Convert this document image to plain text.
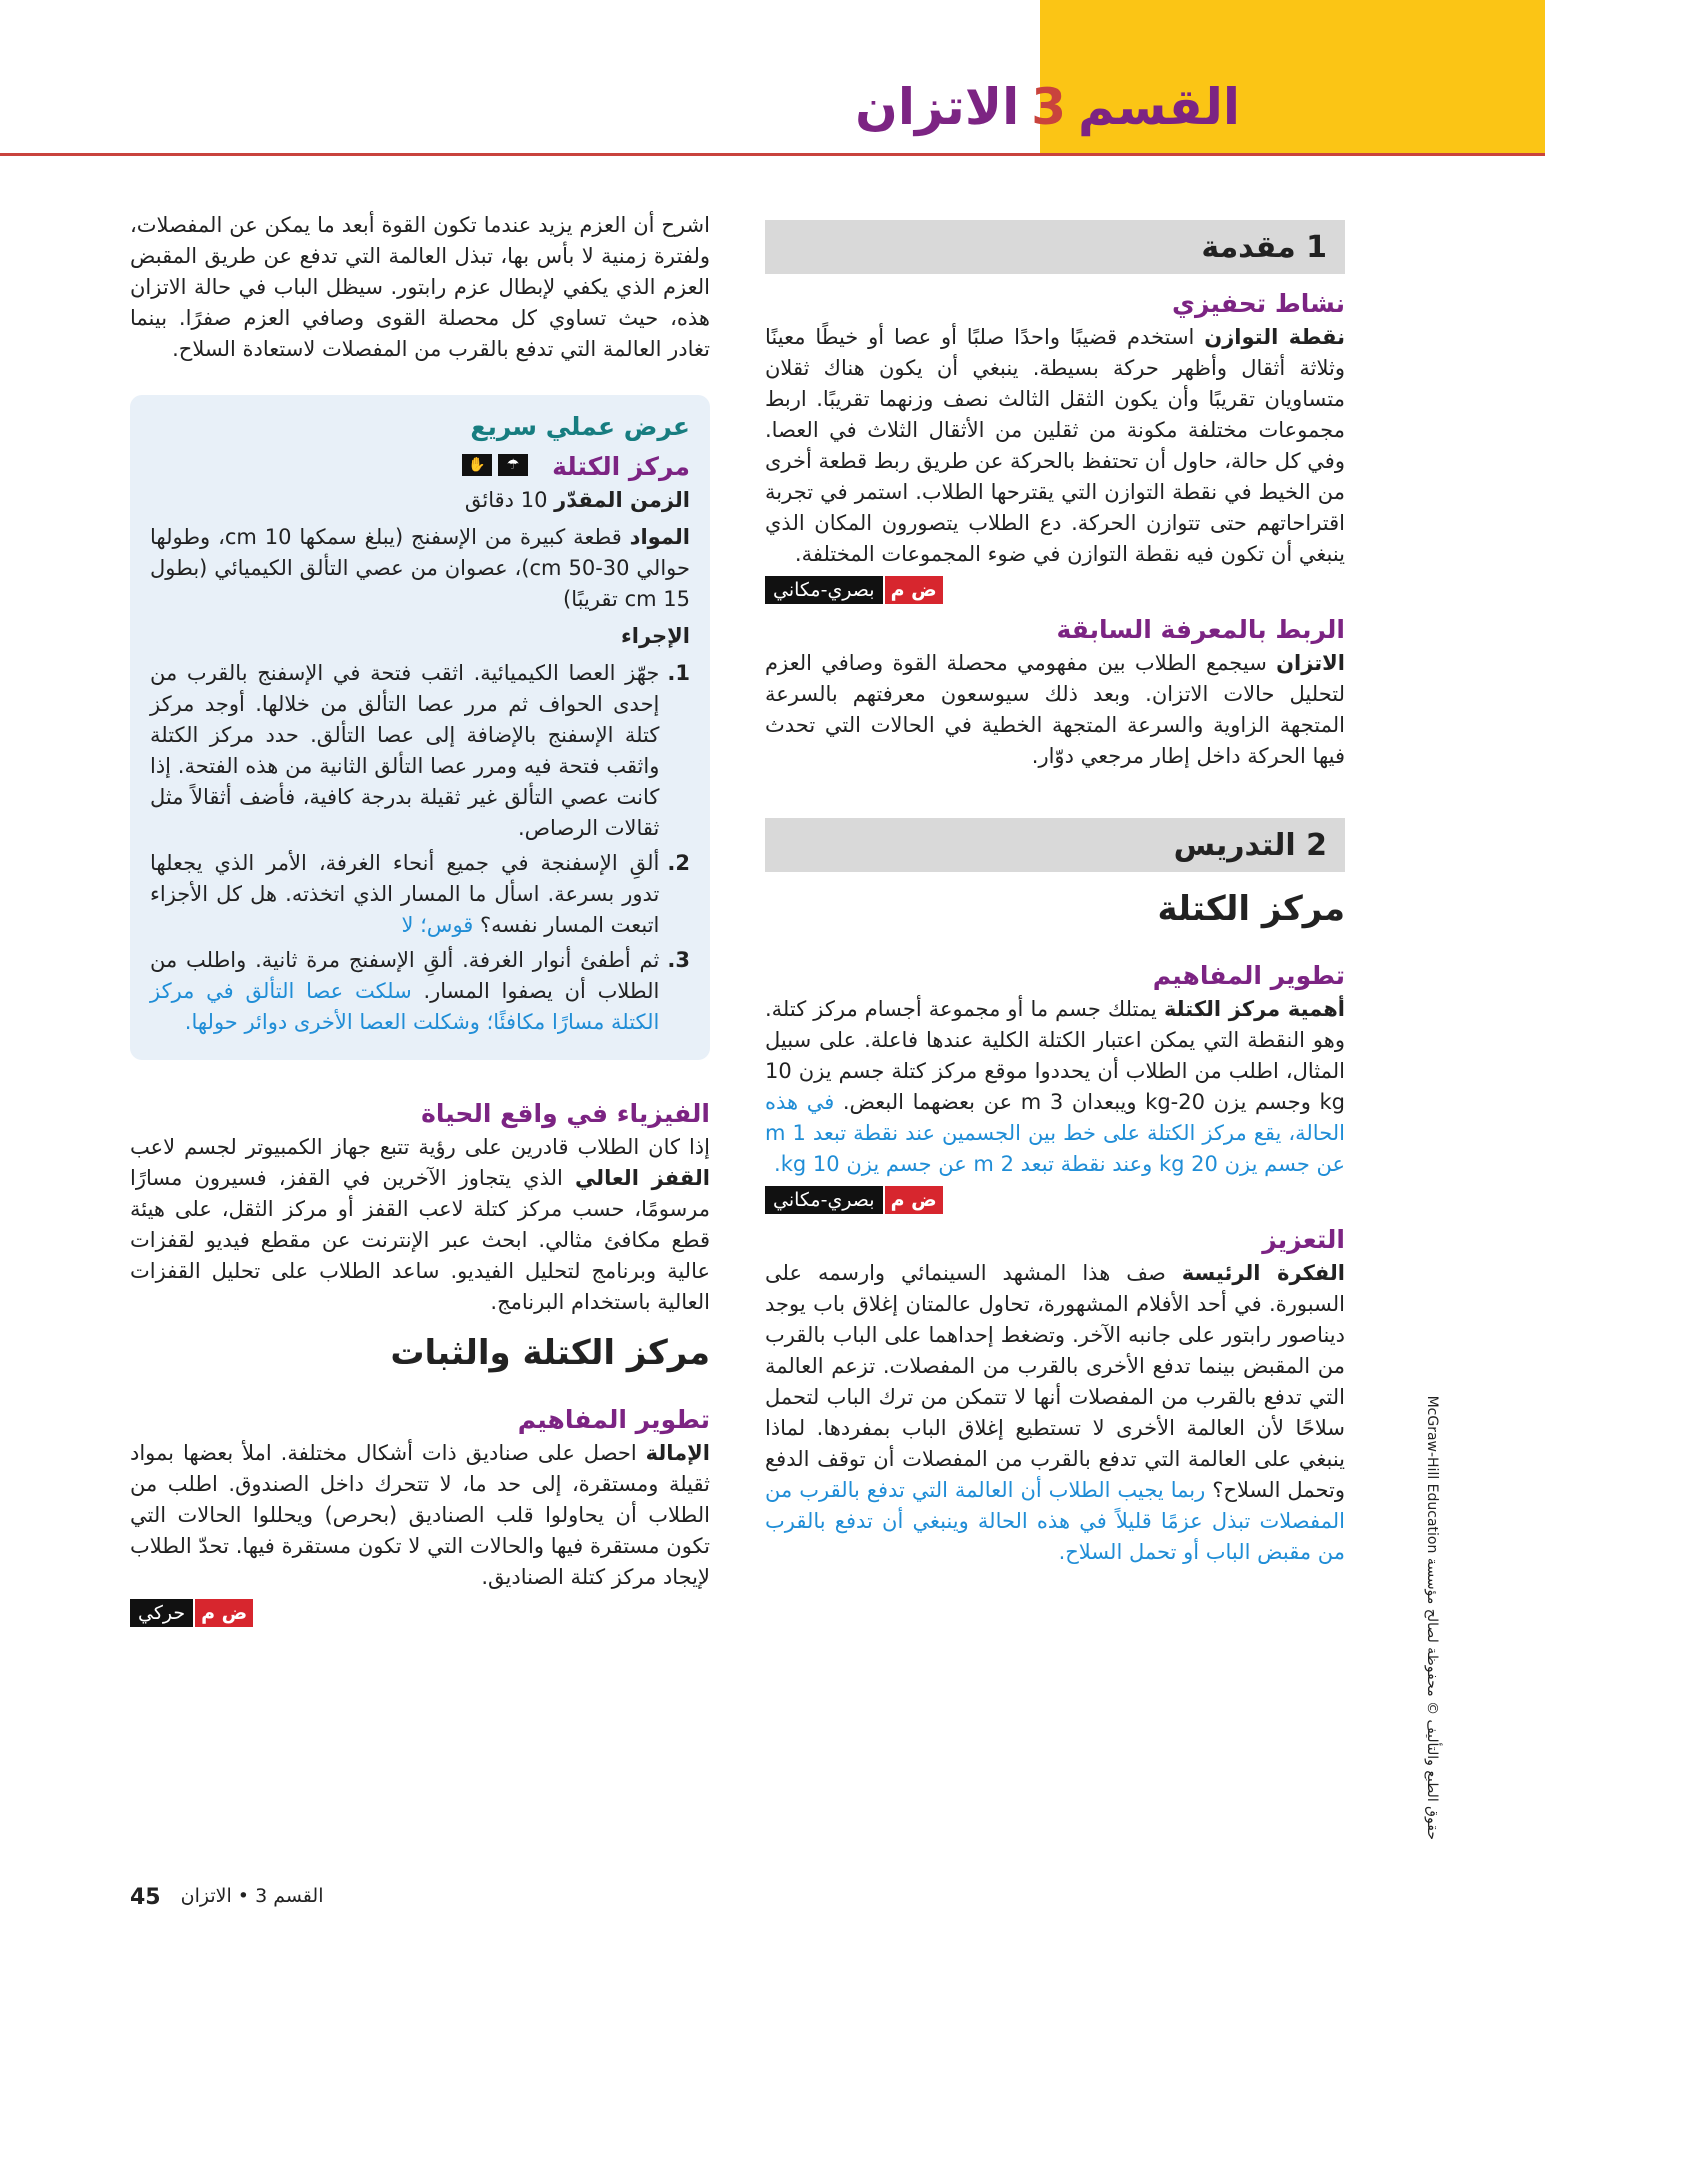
القسم3الاتزان
1 مقدمة
نشاط تحفيزي

نقطة التوازن استخدم قضيبًا واحدًا صلبًا أو عصا أو خيطًا معينًا وثلاثة أثقال وأظهر حركة بسيطة. ينبغي أن يكون هناك ثقلان متساويان تقريبًا وأن يكون الثقل الثالث نصف وزنهما تقريبًا. اربط مجموعات مختلفة مكونة من ثقلين من الأثقال الثلاث في العصا. وفي كل حالة، حاول أن تحتفظ بالحركة عن طريق ربط قطعة أخرى من الخيط في نقطة التوازن التي يقترحها الطلاب. استمر في تجربة اقتراحاتهم حتى تتوازن الحركة. دع الطلاب يتصورون المكان الذي ينبغي أن تكون فيه نقطة التوازن في ضوء المجموعات المختلفة.

ض م
بصري-مكاني
الربط بالمعرفة السابقة

الاتزان سيجمع الطلاب بين مفهومي محصلة القوة وصافي العزم لتحليل حالات الاتزان. وبعد ذلك سيوسعون معرفتهم بالسرعة المتجهة الزاوية والسرعة المتجهة الخطية في الحالات التي تحدث فيها الحركة داخل إطار مرجعي دوّار.

2 التدريس
مركز الكتلة
تطوير المفاهيم

أهمية مركز الكتلة يمتلك جسم ما أو مجموعة أجسام مركز كتلة. وهو النقطة التي يمكن اعتبار الكتلة الكلية عندها فاعلة. على سبيل المثال، اطلب من الطلاب أن يحددوا موقع مركز كتلة جسم يزن 10 kg وجسم يزن 20-kg ويبعدان 3 m عن بعضهما البعض. في هذه الحالة، يقع مركز الكتلة على خط بين الجسمين عند نقطة تبعد 1 m عن جسم يزن 20 kg وعند نقطة تبعد 2 m عن جسم يزن 10 kg.

ض م
بصري-مكاني
التعزيز

الفكرة الرئيسة صف هذا المشهد السينمائي وارسمه على السبورة. في أحد الأفلام المشهورة، تحاول عالمتان إغلاق باب يوجد ديناصور رابتور على جانبه الآخر. وتضغط إحداهما على الباب بالقرب من المقبض بينما تدفع الأخرى بالقرب من المفصلات. تزعم العالمة التي تدفع بالقرب من المفصلات أنها لا تتمكن من ترك الباب لتحمل سلاحًا لأن العالمة الأخرى لا تستطيع إغلاق الباب بمفردها. لماذا ينبغي على العالمة التي تدفع بالقرب من المفصلات أن توقف الدفع وتحمل السلاح؟ ربما يجيب الطلاب أن العالمة التي تدفع بالقرب من المفصلات تبذل عزمًا قليلاً في هذه الحالة وينبغي أن تدفع بالقرب من مقبض الباب أو تحمل السلاح.

اشرح أن العزم يزيد عندما تكون القوة أبعد ما يمكن عن المفصلات، ولفترة زمنية لا بأس بها، تبذل العالمة التي تدفع عن طريق المقبض العزم الذي يكفي لإبطال عزم رابتور. سيظل الباب في حالة الاتزان هذه، حيث تساوي كل محصلة القوى وصافي العزم صفرًا. بينما تغادر العالمة التي تدفع بالقرب من المفصلات لاستعادة السلاح.

عرض عملي سريع
مركز الكتلة
☂
✋

الزمن المقدّر 10 دقائق

المواد قطعة كبيرة من الإسفنج (يبلغ سمكها 10 cm، وطولها حوالي 30-50 cm)، عصوان من عصي التألق الكيميائي (بطول 15 cm تقريبًا)

الإجراء

1.
جهّز العصا الكيميائية. اثقب فتحة في الإسفنج بالقرب من إحدى الحواف ثم مرر عصا التألق من خلالها. أوجد مركز كتلة الإسفنج بالإضافة إلى عصا التألق. حدد مركز الكتلة واثقب فتحة فيه ومرر عصا التألق الثانية من هذه الفتحة. إذا كانت عصي التألق غير ثقيلة بدرجة كافية، فأضف أثقالاً مثل ثقالات الرصاص.
2.
ألقِ الإسفنجة في جميع أنحاء الغرفة، الأمر الذي يجعلها تدور بسرعة. اسأل ما المسار الذي اتخذته. هل كل الأجزاء اتبعت المسار نفسه؟ قوس؛ لا
3.
ثم أطفئ أنوار الغرفة. ألقِ الإسفنج مرة ثانية. واطلب من الطلاب أن يصفوا المسار. سلكت عصا التألق في مركز الكتلة مسارًا مكافئًا؛ وشكلت العصا الأخرى دوائر حولها.
الفيزياء في واقع الحياة

إذا كان الطلاب قادرين على رؤية تتبع جهاز الكمبيوتر لجسم لاعب القفز العالي الذي يتجاوز الآخرين في القفز، فسيرون مسارًا مرسومًا، حسب مركز كتلة لاعب القفز أو مركز الثقل، على هيئة قطع مكافئ مثالي. ابحث عبر الإنترنت عن مقطع فيديو لقفزات عالية وبرنامج لتحليل الفيديو. ساعد الطلاب على تحليل القفزات العالية باستخدام البرنامج.

مركز الكتلة والثبات
تطوير المفاهيم

الإمالة احصل على صناديق ذات أشكال مختلفة. املأ بعضها بمواد ثقيلة ومستقرة، إلى حد ما، لا تتحرك داخل الصندوق. اطلب من الطلاب أن يحاولوا قلب الصناديق (بحرص) ويحللوا الحالات التي تكون مستقرة فيها والحالات التي لا تكون مستقرة فيها. تحدّ الطلاب لإيجاد مركز كتلة الصناديق.

ض م
حركي
حقوق الطبع والتأليف © محفوظة لصالح مؤسسة McGraw-Hill Education
القسم 3 • الاتزان
45
